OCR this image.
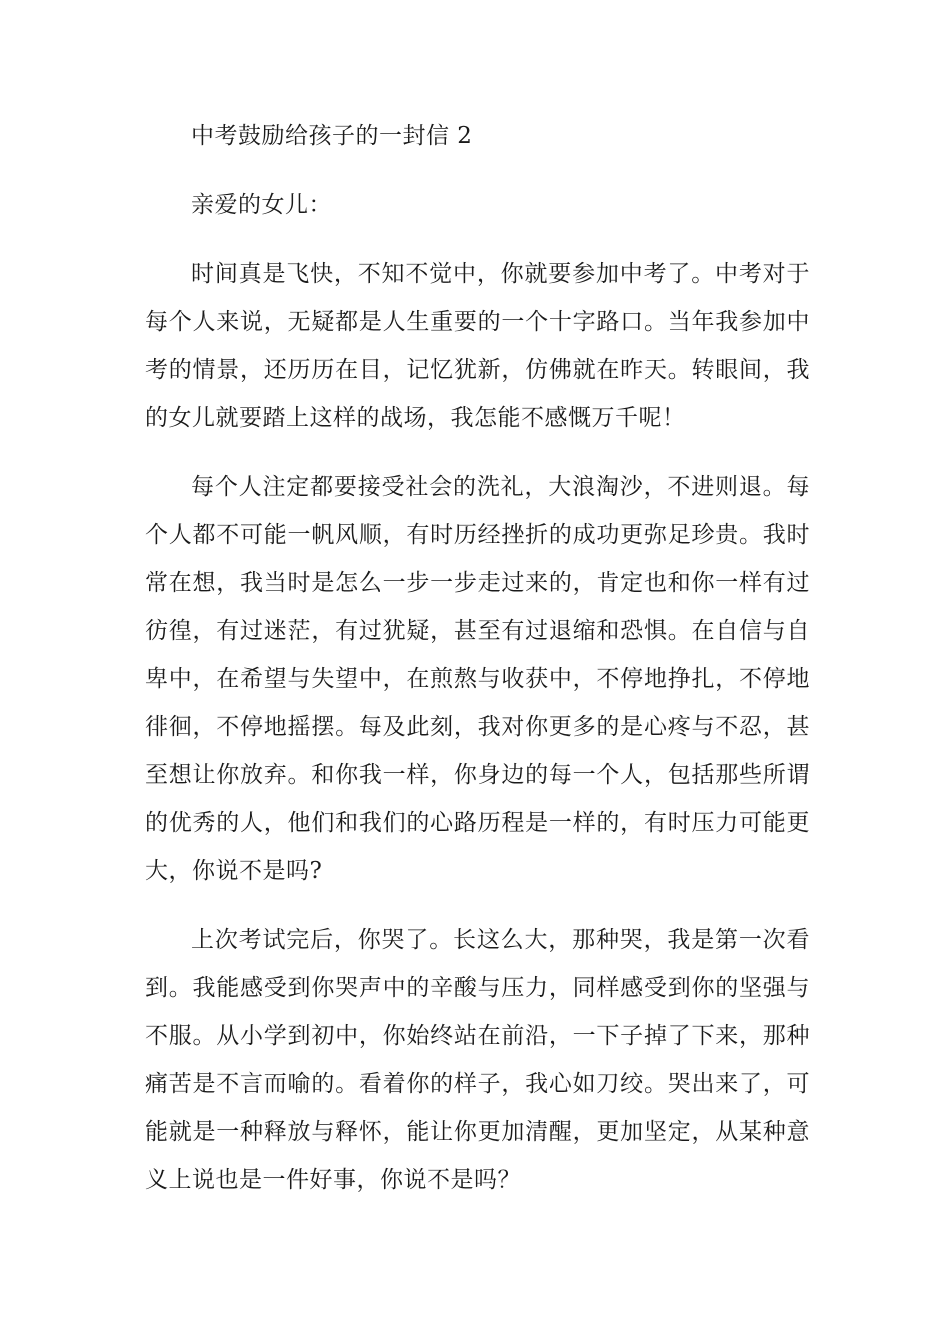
中考鼓励给孩子的一封信 2

亲爱的女儿：

时间真是飞快，不知不觉中，你就要参加中考了。中考对于每个人来说，无疑都是人生重要的一个十字路口。当年我参加中考的情景，还历历在目，记忆犹新，仿佛就在昨天。转眼间，我的女儿就要踏上这样的战场，我怎能不感慨万千呢！

每个人注定都要接受社会的洗礼，大浪淘沙，不进则退。每个人都不可能一帆风顺，有时历经挫折的成功更弥足珍贵。我时常在想，我当时是怎么一步一步走过来的，肯定也和你一样有过彷徨，有过迷茫，有过犹疑，甚至有过退缩和恐惧。在自信与自卑中，在希望与失望中，在煎熬与收获中，不停地挣扎，不停地徘徊，不停地摇摆。每及此刻，我对你更多的是心疼与不忍，甚至想让你放弃。和你我一样，你身边的每一个人，包括那些所谓的优秀的人，他们和我们的心路历程是一样的，有时压力可能更大，你说不是吗?

上次考试完后，你哭了。长这么大，那种哭，我是第一次看到。我能感受到你哭声中的辛酸与压力，同样感受到你的坚强与不服。从小学到初中，你始终站在前沿，一下子掉了下来，那种痛苦是不言而喻的。看着你的样子，我心如刀绞。哭出来了，可能就是一种释放与释怀，能让你更加清醒，更加坚定，从某种意义上说也是一件好事，你说不是吗？
